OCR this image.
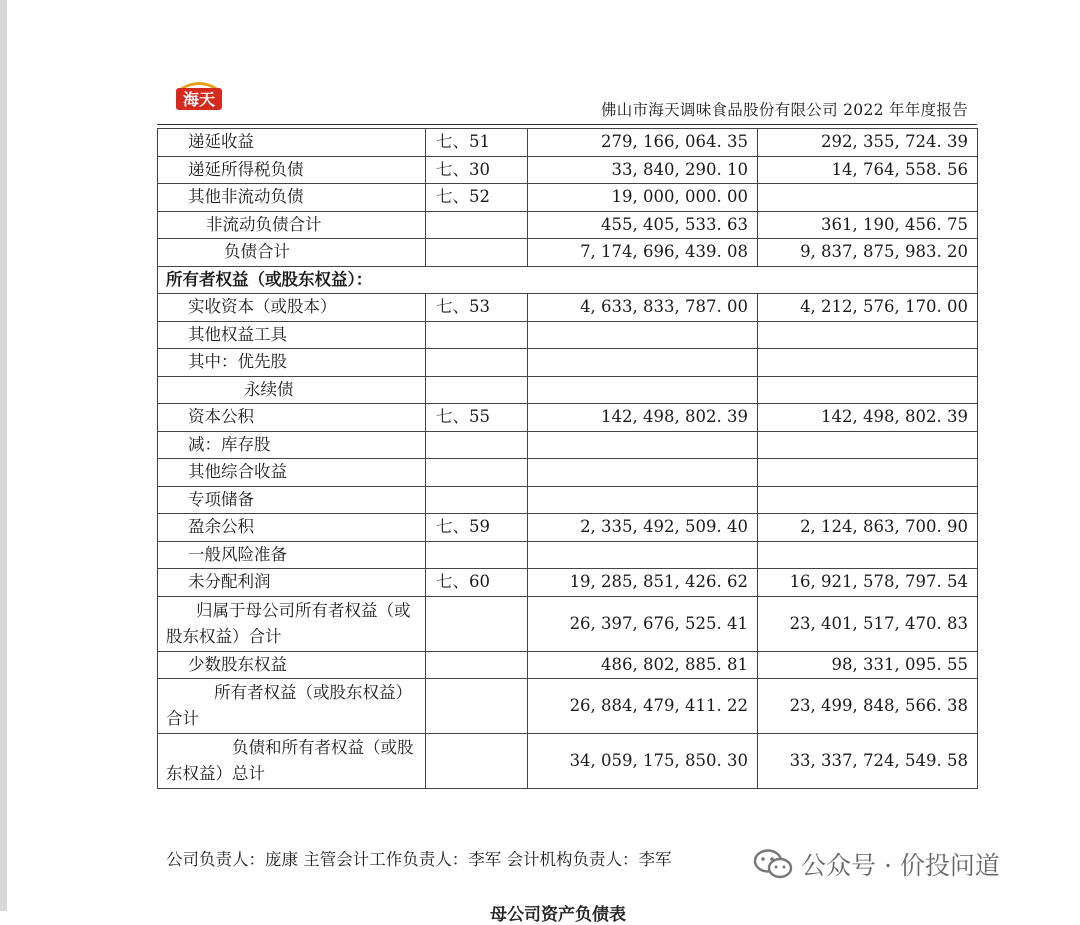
海天
佛山市海天调味食品股份有限公司 2022 年年度报告
递延收益	七、51	279, 166, 064. 35	292, 355, 724. 39
递延所得税负债	七、30	33, 840, 290. 10	14, 764, 558. 56
其他非流动负债	七、52	19, 000, 000. 00	
非流动负债合计		455, 405, 533. 63	361, 190, 456. 75
负债合计		7, 174, 696, 439. 08	9, 837, 875, 983. 20
所有者权益（或股东权益）：			
实收资本（或股本）	七、53	4, 633, 833, 787. 00	4, 212, 576, 170. 00
其他权益工具			
其中：优先股			
永续债			
资本公积	七、55	142, 498, 802. 39	142, 498, 802. 39
减：库存股			
其他综合收益			
专项储备			
盈余公积	七、59	2, 335, 492, 509. 40	2, 124, 863, 700. 90
一般风险准备			
未分配利润	七、60	19, 285, 851, 426. 62	16, 921, 578, 797. 54
归属于母公司所有者权益（或股东权益）合计		26, 397, 676, 525. 41	23, 401, 517, 470. 83
少数股东权益		486, 802, 885. 81	98, 331, 095. 55
所有者权益（或股东权益）合计		26, 884, 479, 411. 22	23, 499, 848, 566. 38
负债和所有者权益（或股东权益）总计		34, 059, 175, 850. 30	33, 337, 724, 549. 58
公司负责人：庞康 主管会计工作负责人：李军 会计机构负责人：李军	公众号 · 价投问道
母公司资产负债表
